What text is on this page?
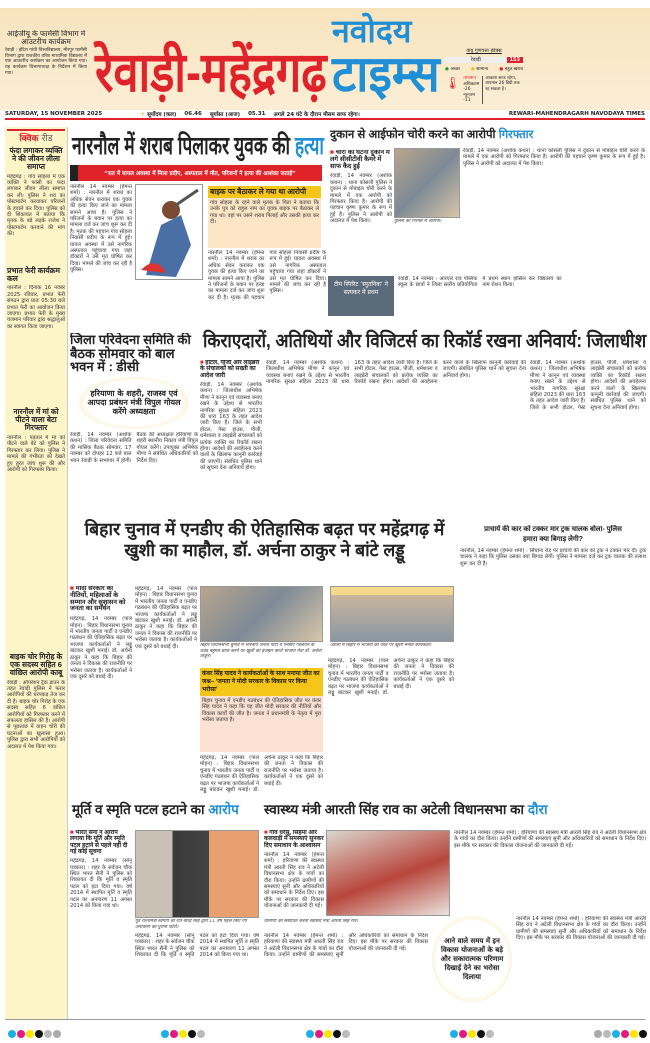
आईजीयू के फार्मेसी विभाग में आउटरीच कार्यक्रम
रेवाड़ी : इंदिरा गांधी विश्वविद्यालय, मीरपुर फार्मेसी विभाग द्वारा राजकीय वरिष्ठ माध्यमिक विद्यालय में एक आउटरीच कार्यक्रम का आयोजन किया गया। यह कार्यक्रम विभागाध्यक्ष के निर्देशन में किया गया।	रेवाड़ी-महेंद्रगढ़
नवोदय
टाइम्स	वायु गुणवत्ता इंडेक्स
रेवाड़ी	153
● अच्छा ● सामान्य ● बहुत खराब
🌡 तापमान
अधिकतम -26
न्यूनतम -11
आकाश साफ रहेगा, तापमान 26 डिग्री तक रह सकता है।
SATURDAY, 15 NOVEMBER 2025	☀ सूर्योदय (कल) 06.46 सूर्यास्त (आज) 05.31 अगले 24 घंटे के दौरान मौसम साफ रहेगा।	REWARI-MAHENDRAGARH NAVODAYA TIMES
क्विक रीड
फंदा लगाकर व्यक्ति ने की जीवन लीला समाप्त
महेंद्रगढ़ : गांव सोहला में एक व्यक्ति ने फांसी का फंदा लगाकर जीवन लीला समाप्त कर ली। पुलिस ने शव का पोस्टमार्टम करवाकर परिजनों के हवाले कर दिया। पुलिस को दी शिकायत में बताया कि मृतक के बड़े लड़के राजेश ने पोस्टमार्टम करवाने की मांग की।
प्रभात फेरी कार्यक्रम कल
नारनौल : दिनांक 16 नवंबर 2025 रविवार, प्रभात फेरी संगठन द्वारा प्रातः 05:30 बजे प्रभात फेरी का आयोजन किया जाएगा। प्रभात फेरी के मुख्य यजमान परिवार द्वारा श्रद्धालुओं का स्वागत किया जाएगा।
नारनौल में मां को पीटने वाला बेटा गिरफ्तार
नारनौल : पड़तल में मां को पीटने वाले बेटे को पुलिस ने गिरफ्तार कर लिया। पुलिस ने मामले की गंभीरता को देखते हुए तुरंत जांच शुरू की और आरोपी को गिरफ्तार किया।
बाइक चोर गिरोह के एक सदस्य सहित 6 वांछित आरोपी काबू
रेवाड़ी : ऑपरेशन ट्रैक डाउन के तहत रेवाड़ी पुलिस ने फरार आरोपियों की धरपकड़ तेज कर दी है। बाइक चोर गिरोह के एक सदस्य सहित 6 वांछित आरोपियों को गिरफ्तार करने में सफलता हासिल की है। आरोपी से पूछताछ में वाहन चोरी की घटनाओं का खुलासा हुआ। पुलिस द्वारा सभी आरोपियों को अदालत में पेश किया गया।
नारनौल में शराब पिलाकर युवक की हत्या
“रात में घायल अवस्था में मिला प्रदीप, अस्पताल में मौत, परिजनों ने हत्या की आशंका जताई”
नारनौल 14 नवम्बर (हेमन्त शर्मा) : नारनौल में शराब का अधिक सेवन कराकर एक युवक की हत्या किए जाने का मामला सामने आया है। पुलिस ने परिजनों के बयान पर हत्या का मामला दर्ज कर जांच शुरू कर दी है। मृतक की पहचान गांव सोहला निवासी प्रदीप के रूप में हुई। घायल अवस्था में उसे नागरिक अस्पताल पहुंचाया गया जहां डॉक्टरों ने उसे मृत घोषित कर दिया। मामले की जांच कर रही है पुलिस।
बाइक पर बैठाकर ले गया था आरोपी
गांव सोहला के रहने वाले मृतक के पिता ने बताया कि उनके पुत्र को राहुल नाम का युवक बाइक पर बैठाकर ले गया था। वहां पर उसने शराब पिलाई और उसकी हत्या कर दी।
नारनौल 14 नवम्बर (हेमन्त शर्मा) : नारनौल में शराब का अधिक सेवन कराकर एक युवक की हत्या किए जाने का मामला सामने आया है। पुलिस ने परिजनों के बयान पर हत्या का मामला दर्ज कर जांच शुरू कर दी है। मृतक की पहचान गांव सोहला निवासी प्रदीप के रूप में हुई। घायल अवस्था में उसे नागरिक अस्पताल पहुंचाया गया जहां डॉक्टरों ने उसे मृत घोषित कर दिया। मामले की जांच कर रही है पुलिस।
दुकान से आईफोन चोरी करने का आरोपी गिरफ्तार
■ चोरी की घटना दुकान में लगे सीसीटीवी कैमरे में साफ कैद हुई
रेवाड़ी, 14 नवम्बर (अशोक कथन) : थाना कोसली पुलिस ने दुकान से मोबाइल चोरी करने के मामले में एक आरोपी को गिरफ्तार किया है। आरोपी की पहचान कृष्ण कुमार के रूप में हुई है। पुलिस ने आरोपी को अदालत में पेश किया।	पुलिस की गिरफ्त में आरोपी।
रेवाड़ी, 14 नवम्बर (अशोक कथन) : थाना कोसली पुलिस ने दुकान से मोबाइल चोरी करने के मामले में एक आरोपी को गिरफ्तार किया है। आरोपी की पहचान कृष्ण कुमार के रूप में हुई है। पुलिस ने आरोपी को अदालत में पेश किया।
टीम स्पिरिट ‘स्पुतनिक’ ने सत्यकर में प्रथम
रेवाड़ी, 14 नवम्बर : आरएल राव पब्लिक स्कूल के छात्रों ने जिला स्तरीय प्रतियोगिता में प्रथम स्थान हासिल कर विद्यालय का नाम रोशन किया।
जिला परिवेदना समिति की बैठक सोमवार को बाल भवन में : डीसी
हरियाणा के शहरी, राजस्व एवं आपदा प्रबंधन मंत्री विपुल गोयल करेंगे अध्यक्षता
रेवाड़ी, 14 नवम्बर (अशोक कथन) : जिला परिवेदना समिति की मासिक बैठक सोमवार, 17 नवम्बर को दोपहर 12 बजे बाल भवन रेवाड़ी के सभागार में होगी। बैठक की अध्यक्षता हरियाणा के शहरी स्थानीय निकाय मंत्री विपुल गोयल करेंगे। उपायुक्त अभिषेक मीणा ने संबंधित अधिकारियों को निर्देश दिए।
किराएदारों, अतिथियों और विजिटर्स का रिकॉर्ड रखना अनिवार्य: जिलाधीश
■ होटल, पीजी और लाइब्रेरी के संचालकों को सख्ती का आदेश जारी
रेवाड़ी, 14 नवम्बर (अशोक कथन) : जिलाधीश अभिषेक मीणा ने कानून एवं व्यवस्था बनाए रखने के उद्देश्य से भारतीय नागरिक सुरक्षा संहिता 2023 की धारा 163 के तहत आदेश जारी किए हैं। जिले के सभी होटल, गेस्ट हाउस, पीजी, धर्मशाला व लाइब्रेरी संचालकों को प्रत्येक व्यक्ति का रिकॉर्ड रखना होगा। आदेशों की अवहेलना करने वालों के खिलाफ कानूनी कार्रवाई की जाएगी। संबंधित पुलिस थाने को सूचना देना अनिवार्य होगा।
रेवाड़ी, 14 नवम्बर (अशोक कथन) : जिलाधीश अभिषेक मीणा ने कानून एवं व्यवस्था बनाए रखने के उद्देश्य से भारतीय नागरिक सुरक्षा संहिता 2023 की धारा 163 के तहत आदेश जारी किए हैं। जिले के सभी होटल, गेस्ट हाउस, पीजी, धर्मशाला व लाइब्रेरी संचालकों को प्रत्येक व्यक्ति का रिकॉर्ड रखना होगा। आदेशों की अवहेलना करने वालों के खिलाफ कानूनी कार्रवाई की जाएगी। संबंधित पुलिस थाने को सूचना देना अनिवार्य होगा।
रेवाड़ी, 14 नवम्बर (अशोक कथन) : जिलाधीश अभिषेक मीणा ने कानून एवं व्यवस्था बनाए रखने के उद्देश्य से भारतीय नागरिक सुरक्षा संहिता 2023 की धारा 163 के तहत आदेश जारी किए हैं। जिले के सभी होटल, गेस्ट हाउस, पीजी, धर्मशाला व लाइब्रेरी संचालकों को प्रत्येक व्यक्ति का रिकॉर्ड रखना होगा। आदेशों की अवहेलना करने वालों के खिलाफ कानूनी कार्रवाई की जाएगी। संबंधित पुलिस थाने को सूचना देना अनिवार्य होगा।
बिहार चुनाव में एनडीए की ऐतिहासिक बढ़त पर महेंद्रगढ़ में खुशी का माहौल, डॉ. अर्चना ठाकुर ने बांटे लड्डू
■ मोदी सरकार की नीतियों, महिलाओं के सम्मान और सुशासन को जनता का समर्थन
महेंद्रगढ़, 14 नवम्बर (पाल मोहन) : बिहार विधानसभा चुनाव में भारतीय जनता पार्टी व एनडीए गठबंधन की ऐतिहासिक बढ़त पर भाजपा कार्यकर्ताओं ने लड्डू बांटकर खुशी मनाई। डॉ. अर्चना ठाकुर ने कहा कि बिहार की जनता ने विकास की राजनीति पर भरोसा जताया है। कार्यकर्ताओं ने एक दूसरे को बधाई दी।
महेंद्रगढ़, 14 नवम्बर (पाल मोहन) : बिहार विधानसभा चुनाव में भारतीय जनता पार्टी व एनडीए गठबंधन की ऐतिहासिक बढ़त पर भाजपा कार्यकर्ताओं ने लड्डू बांटकर खुशी मनाई। डॉ. अर्चना ठाकुर ने कहा कि बिहार की जनता ने विकास की राजनीति पर भरोसा जताया है। कार्यकर्ताओं ने एक दूसरे को बधाई दी।	बिहार विधानसभा चुनाव में भारतीय जनता पार्टी व एनडीए गठबंधन के प्रचंड बहुमत प्राप्त करने पर खुशी का इजहार करते भाजपा नेता डॉ. अर्चना ठाकुर।
अटेली में बिहार में भाजपा की जीत पर खुशी मनाते कार्यकर्ता।
कंवर सिंह यादव ने कार्यकर्ताओं के साथ मनाया जीत का जश्न– ‘जनता ने मोदी सरकार के विकास पर किया भरोसा’
बिहार चुनाव में एनडीए गठबंधन की ऐतिहासिक जीत पर कंवर सिंह यादव ने कहा कि यह जीत मोदी सरकार की नीतियों और विकास कार्यों की जीत है। जनता ने प्रधानमंत्री के नेतृत्व में पूरा भरोसा जताया है।
महेंद्रगढ़, 14 नवम्बर (पाल मोहन) : बिहार विधानसभा चुनाव में भारतीय जनता पार्टी व एनडीए गठबंधन की ऐतिहासिक बढ़त पर भाजपा कार्यकर्ताओं ने लड्डू बांटकर खुशी मनाई। डॉ. अर्चना ठाकुर ने कहा कि बिहार की जनता ने विकास की राजनीति पर भरोसा जताया है। कार्यकर्ताओं ने एक दूसरे को बधाई दी।
महेंद्रगढ़, 14 नवम्बर (पाल मोहन) : बिहार विधानसभा चुनाव में भारतीय जनता पार्टी व एनडीए गठबंधन की ऐतिहासिक बढ़त पर भाजपा कार्यकर्ताओं ने लड्डू बांटकर खुशी मनाई। डॉ. अर्चना ठाकुर ने कहा कि बिहार की जनता ने विकास की राजनीति पर भरोसा जताया है। कार्यकर्ताओं ने एक दूसरे को बधाई दी।
प्राचार्य की कार को टक्कर मार ट्रक चालक बोला- पुलिस हमारा क्या बिगाड़ लेगी?
नारनौल, 14 नवम्बर (हेमन्त शर्मा) : सिंघाना रोड पर प्राचार्य की कार को ट्रक ने टक्कर मार दी। ट्रक चालक ने कहा कि पुलिस उसका क्या बिगाड़ लेगी। पुलिस ने मामला दर्ज कर ट्रक चालक की तलाश शुरू कर दी है।
मूर्ति व स्मृति पटल हटाने का आरोप
■ भारत सैनी ने आरोप लगाया कि मूर्ति और स्मृति पटल हटाने से पहले नहीं दी गई कोई सूचना
महेंद्रगढ़, 14 नवम्बर (सोनू पत्रकार) : शहर के सर्वजन चौक स्थित भारत सैनी ने पुलिस को शिकायत दी कि मूर्ति व स्मृति पटल को हटा दिया गया। वर्ष 2014 में स्थापित मूर्ति व स्मृति पटल का अनावरण 11 अगस्त 2014 को किया गया था।
पूर्व राज्यमंत्री स्वर्गीय श्री राव बीरेंद्र सिंह द्वारा 11 वर्ष पहले किए गए अनावरण का पुराना फोटो।
महेंद्रगढ़, 14 नवम्बर (सोनू पत्रकार) : शहर के सर्वजन चौक स्थित भारत सैनी ने पुलिस को शिकायत दी कि मूर्ति व स्मृति पटल को हटा दिया गया। वर्ष 2014 में स्थापित मूर्ति व स्मृति पटल का अनावरण 11 अगस्त 2014 को किया गया था।
स्वास्थ्य मंत्री आरती सिंह राव का अटेली विधानसभा का दौरा
■ गांव धरसूं, सिहमा और कलवाड़ी में समस्याएं सुनकर दिए समाधान के आश्वासन
नारनौल 14 नवम्बर (हेमन्त शर्मा) : हरियाणा की स्वास्थ्य मंत्री आरती सिंह राव ने अटेली विधानसभा क्षेत्र के गांवों का दौरा किया। उन्होंने ग्रामीणों की समस्याएं सुनीं और अधिकारियों को समाधान के निर्देश दिए। इस मौके पर सरकार की विकास योजनाओं की जानकारी दी गई।
ग्रामीणों को संबोधित करती स्वास्थ्य मंत्री आरती सिंह राव।
नारनौल 14 नवम्बर (हेमन्त शर्मा) : हरियाणा की स्वास्थ्य मंत्री आरती सिंह राव ने अटेली विधानसभा क्षेत्र के गांवों का दौरा किया। उन्होंने ग्रामीणों की समस्याएं सुनीं और अधिकारियों को समाधान के निर्देश दिए। इस मौके पर सरकार की विकास योजनाओं की जानकारी दी गई।
नारनौल 14 नवम्बर (हेमन्त शर्मा) : हरियाणा की स्वास्थ्य मंत्री आरती सिंह राव ने अटेली विधानसभा क्षेत्र के गांवों का दौरा किया। उन्होंने ग्रामीणों की समस्याएं सुनीं और अधिकारियों को समाधान के निर्देश दिए। इस मौके पर सरकार की विकास योजनाओं की जानकारी दी गई।
नारनौल 14 नवम्बर (हेमन्त शर्मा) : हरियाणा की स्वास्थ्य मंत्री आरती सिंह राव ने अटेली विधानसभा क्षेत्र के गांवों का दौरा किया। उन्होंने ग्रामीणों की समस्याएं सुनीं और अधिकारियों को समाधान के निर्देश दिए। इस मौके पर सरकार की विकास योजनाओं की जानकारी दी गई।
आने वाले समय में इन विकास योजनाओं के बड़े और सकारात्मक परिणाम दिखाई देने का भरोसा दिलाया
